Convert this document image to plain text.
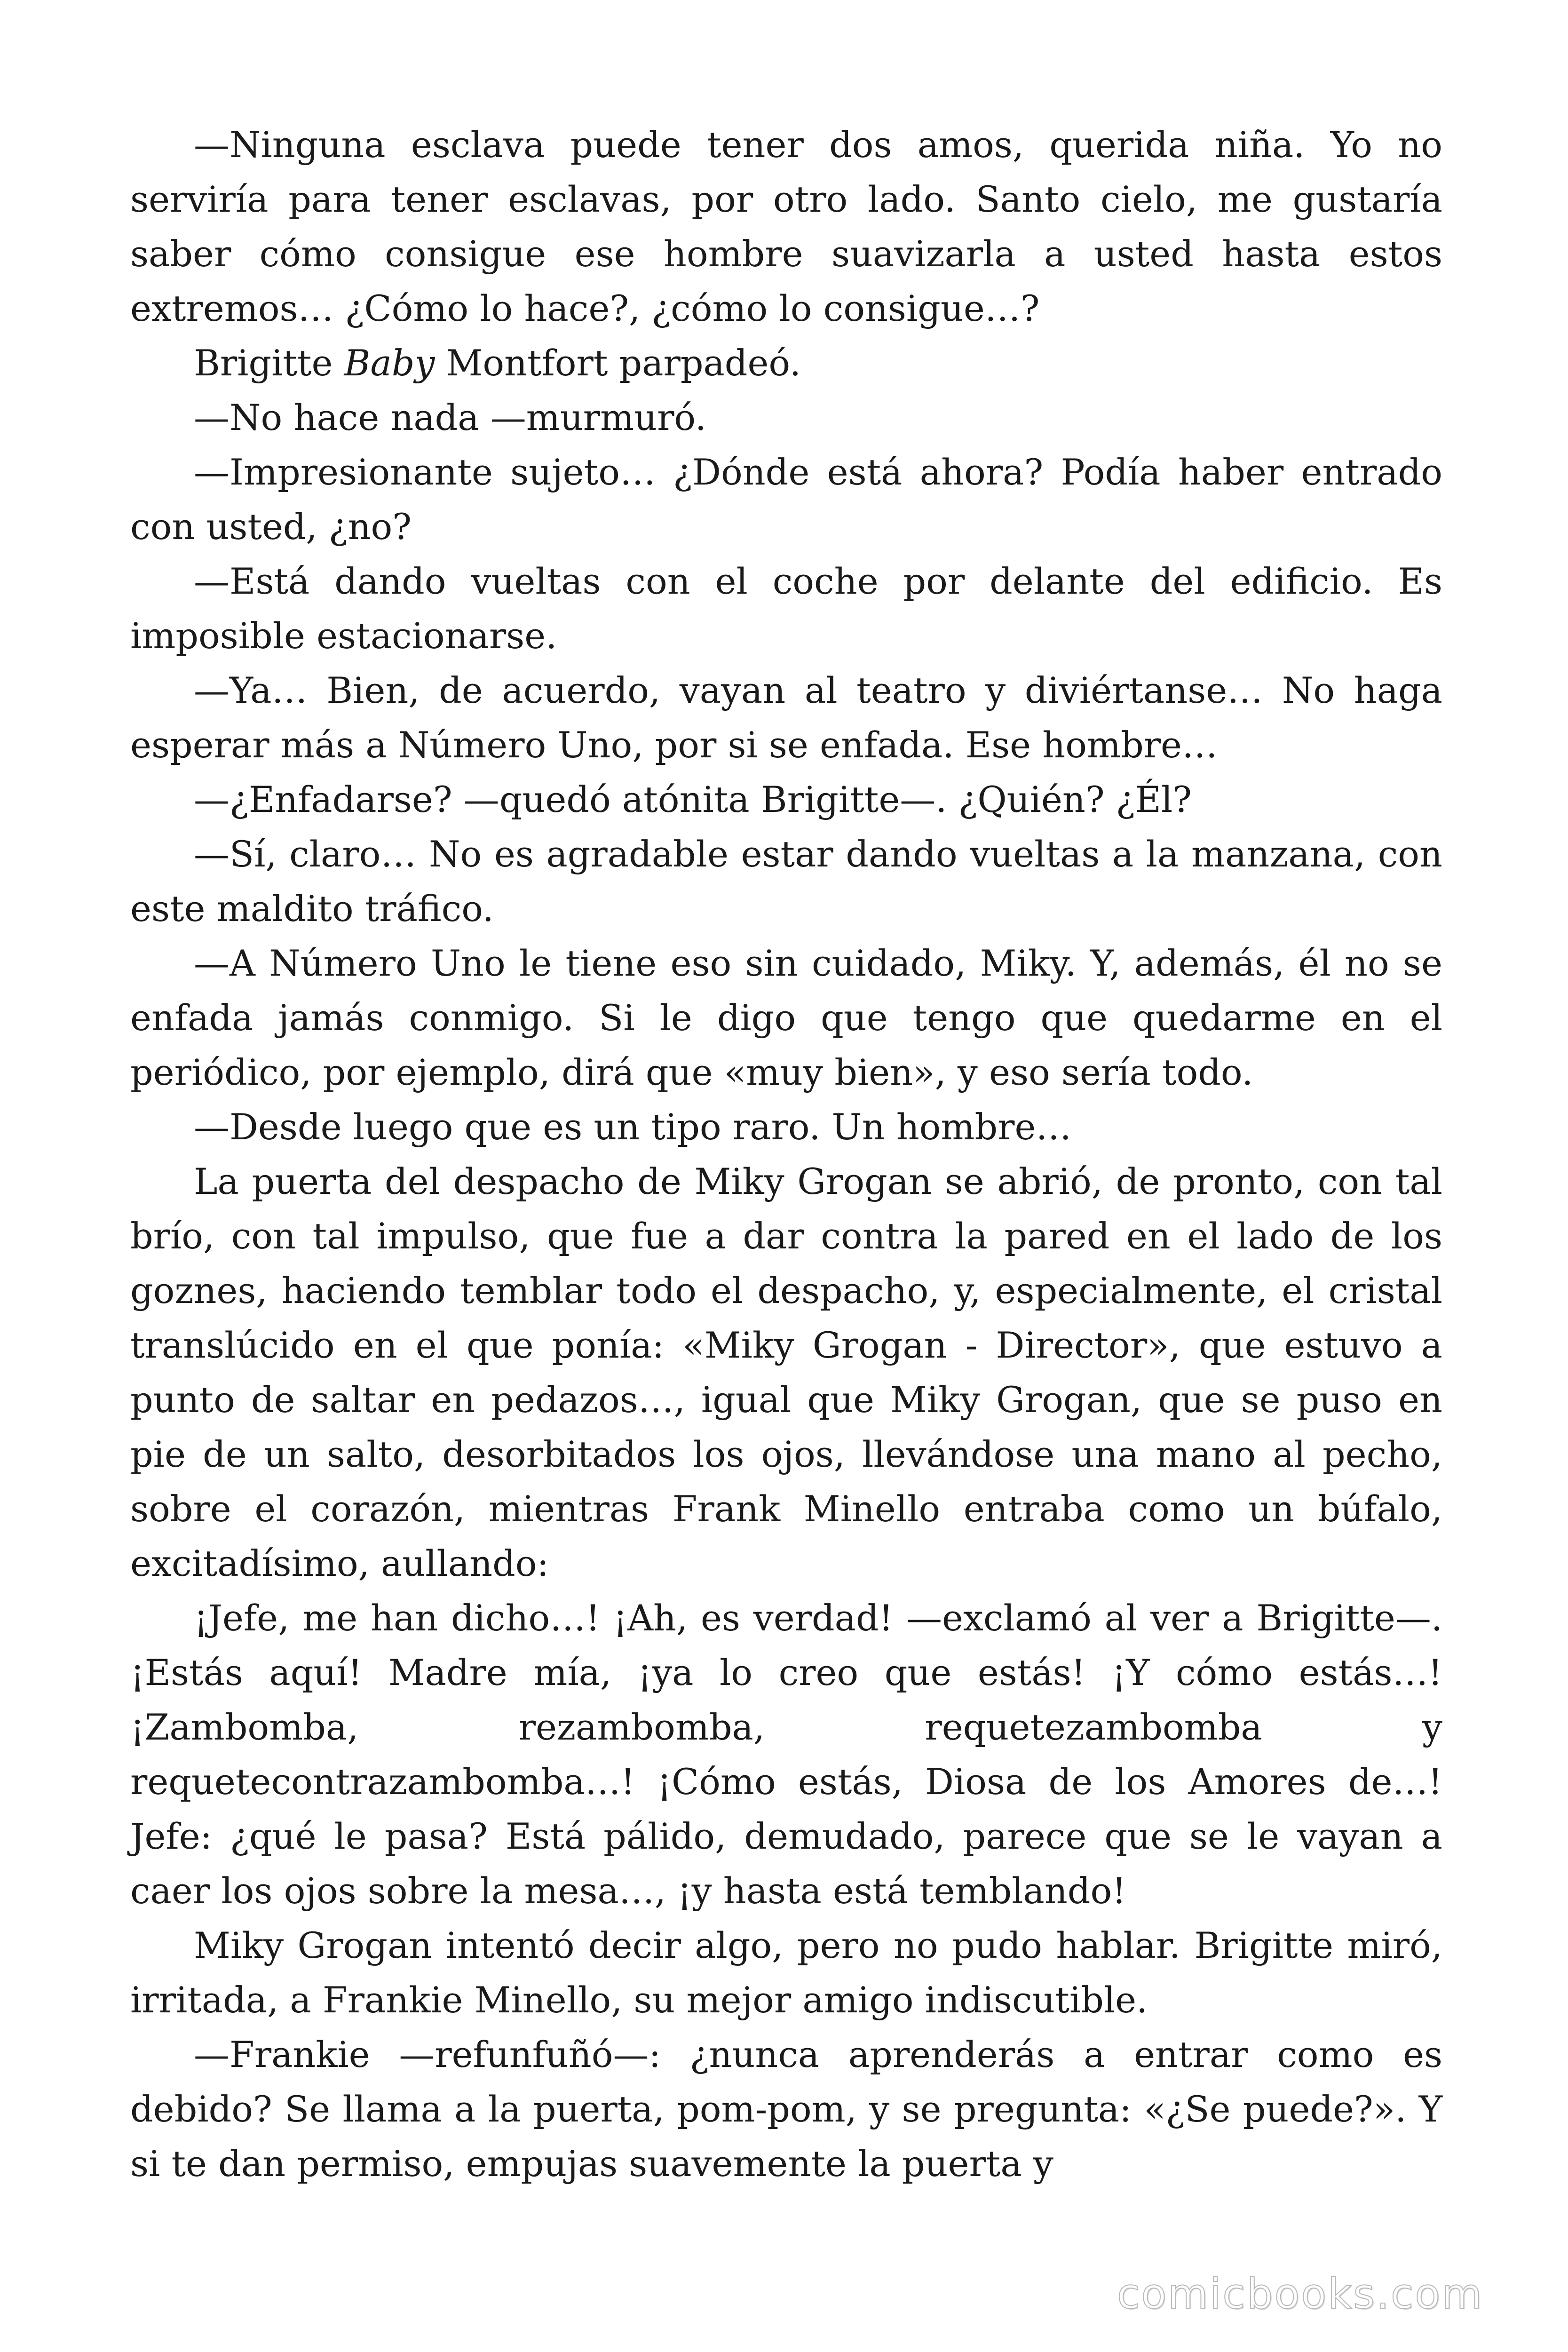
—Ninguna esclava puede tener dos amos, querida niña. Yo no serviría para tener esclavas, por otro lado. Santo cielo, me gustaría saber cómo consigue ese hombre suavizarla a usted hasta estos extremos… ¿Cómo lo hace?, ¿cómo lo consigue…?

Brigitte Baby Montfort parpadeó.

—No hace nada —murmuró.

—Impresionante sujeto… ¿Dónde está ahora? Podía haber entrado con usted, ¿no?

—Está dando vueltas con el coche por delante del edificio. Es imposible estacionarse.

—Ya… Bien, de acuerdo, vayan al teatro y diviértanse… No haga esperar más a Número Uno, por si se enfada. Ese hombre…

—¿Enfadarse? —quedó atónita Brigitte—. ¿Quién? ¿Él?

—Sí, claro… No es agradable estar dando vueltas a la manzana, con este maldito tráfico.

—A Número Uno le tiene eso sin cuidado, Miky. Y, además, él no se enfada jamás conmigo. Si le digo que tengo que quedarme en el periódico, por ejemplo, dirá que «muy bien», y eso sería todo.

—Desde luego que es un tipo raro. Un hombre…

La puerta del despacho de Miky Grogan se abrió, de pronto, con tal brío, con tal impulso, que fue a dar contra la pared en el lado de los goznes, haciendo temblar todo el despacho, y, especialmente, el cristal translúcido en el que ponía: «Miky Grogan - Director», que estuvo a punto de saltar en pedazos…, igual que Miky Grogan, que se puso en pie de un salto, desorbitados los ojos, llevándose una mano al pecho, sobre el corazón, mientras Frank Minello entraba como un búfalo, excitadísimo, aullando:

¡Jefe, me han dicho…! ¡Ah, es verdad! —exclamó al ver a Brigitte—. ¡Estás aquí! Madre mía, ¡ya lo creo que estás! ¡Y cómo estás…! ¡Zambomba, rezambomba, requetezambomba y requetecontrazambomba…! ¡Cómo estás, Diosa de los Amores de…! Jefe: ¿qué le pasa? Está pálido, demudado, parece que se le vayan a caer los ojos sobre la mesa…, ¡y hasta está temblando!

Miky Grogan intentó decir algo, pero no pudo hablar. Brigitte miró, irritada, a Frankie Minello, su mejor amigo indiscutible.

—Frankie —refunfuñó—: ¿nunca aprenderás a entrar como es debido? Se llama a la puerta, pom-pom, y se pregunta: «¿Se puede?». Y si te dan permiso, empujas suavemente la puerta y

comicbooks.com
